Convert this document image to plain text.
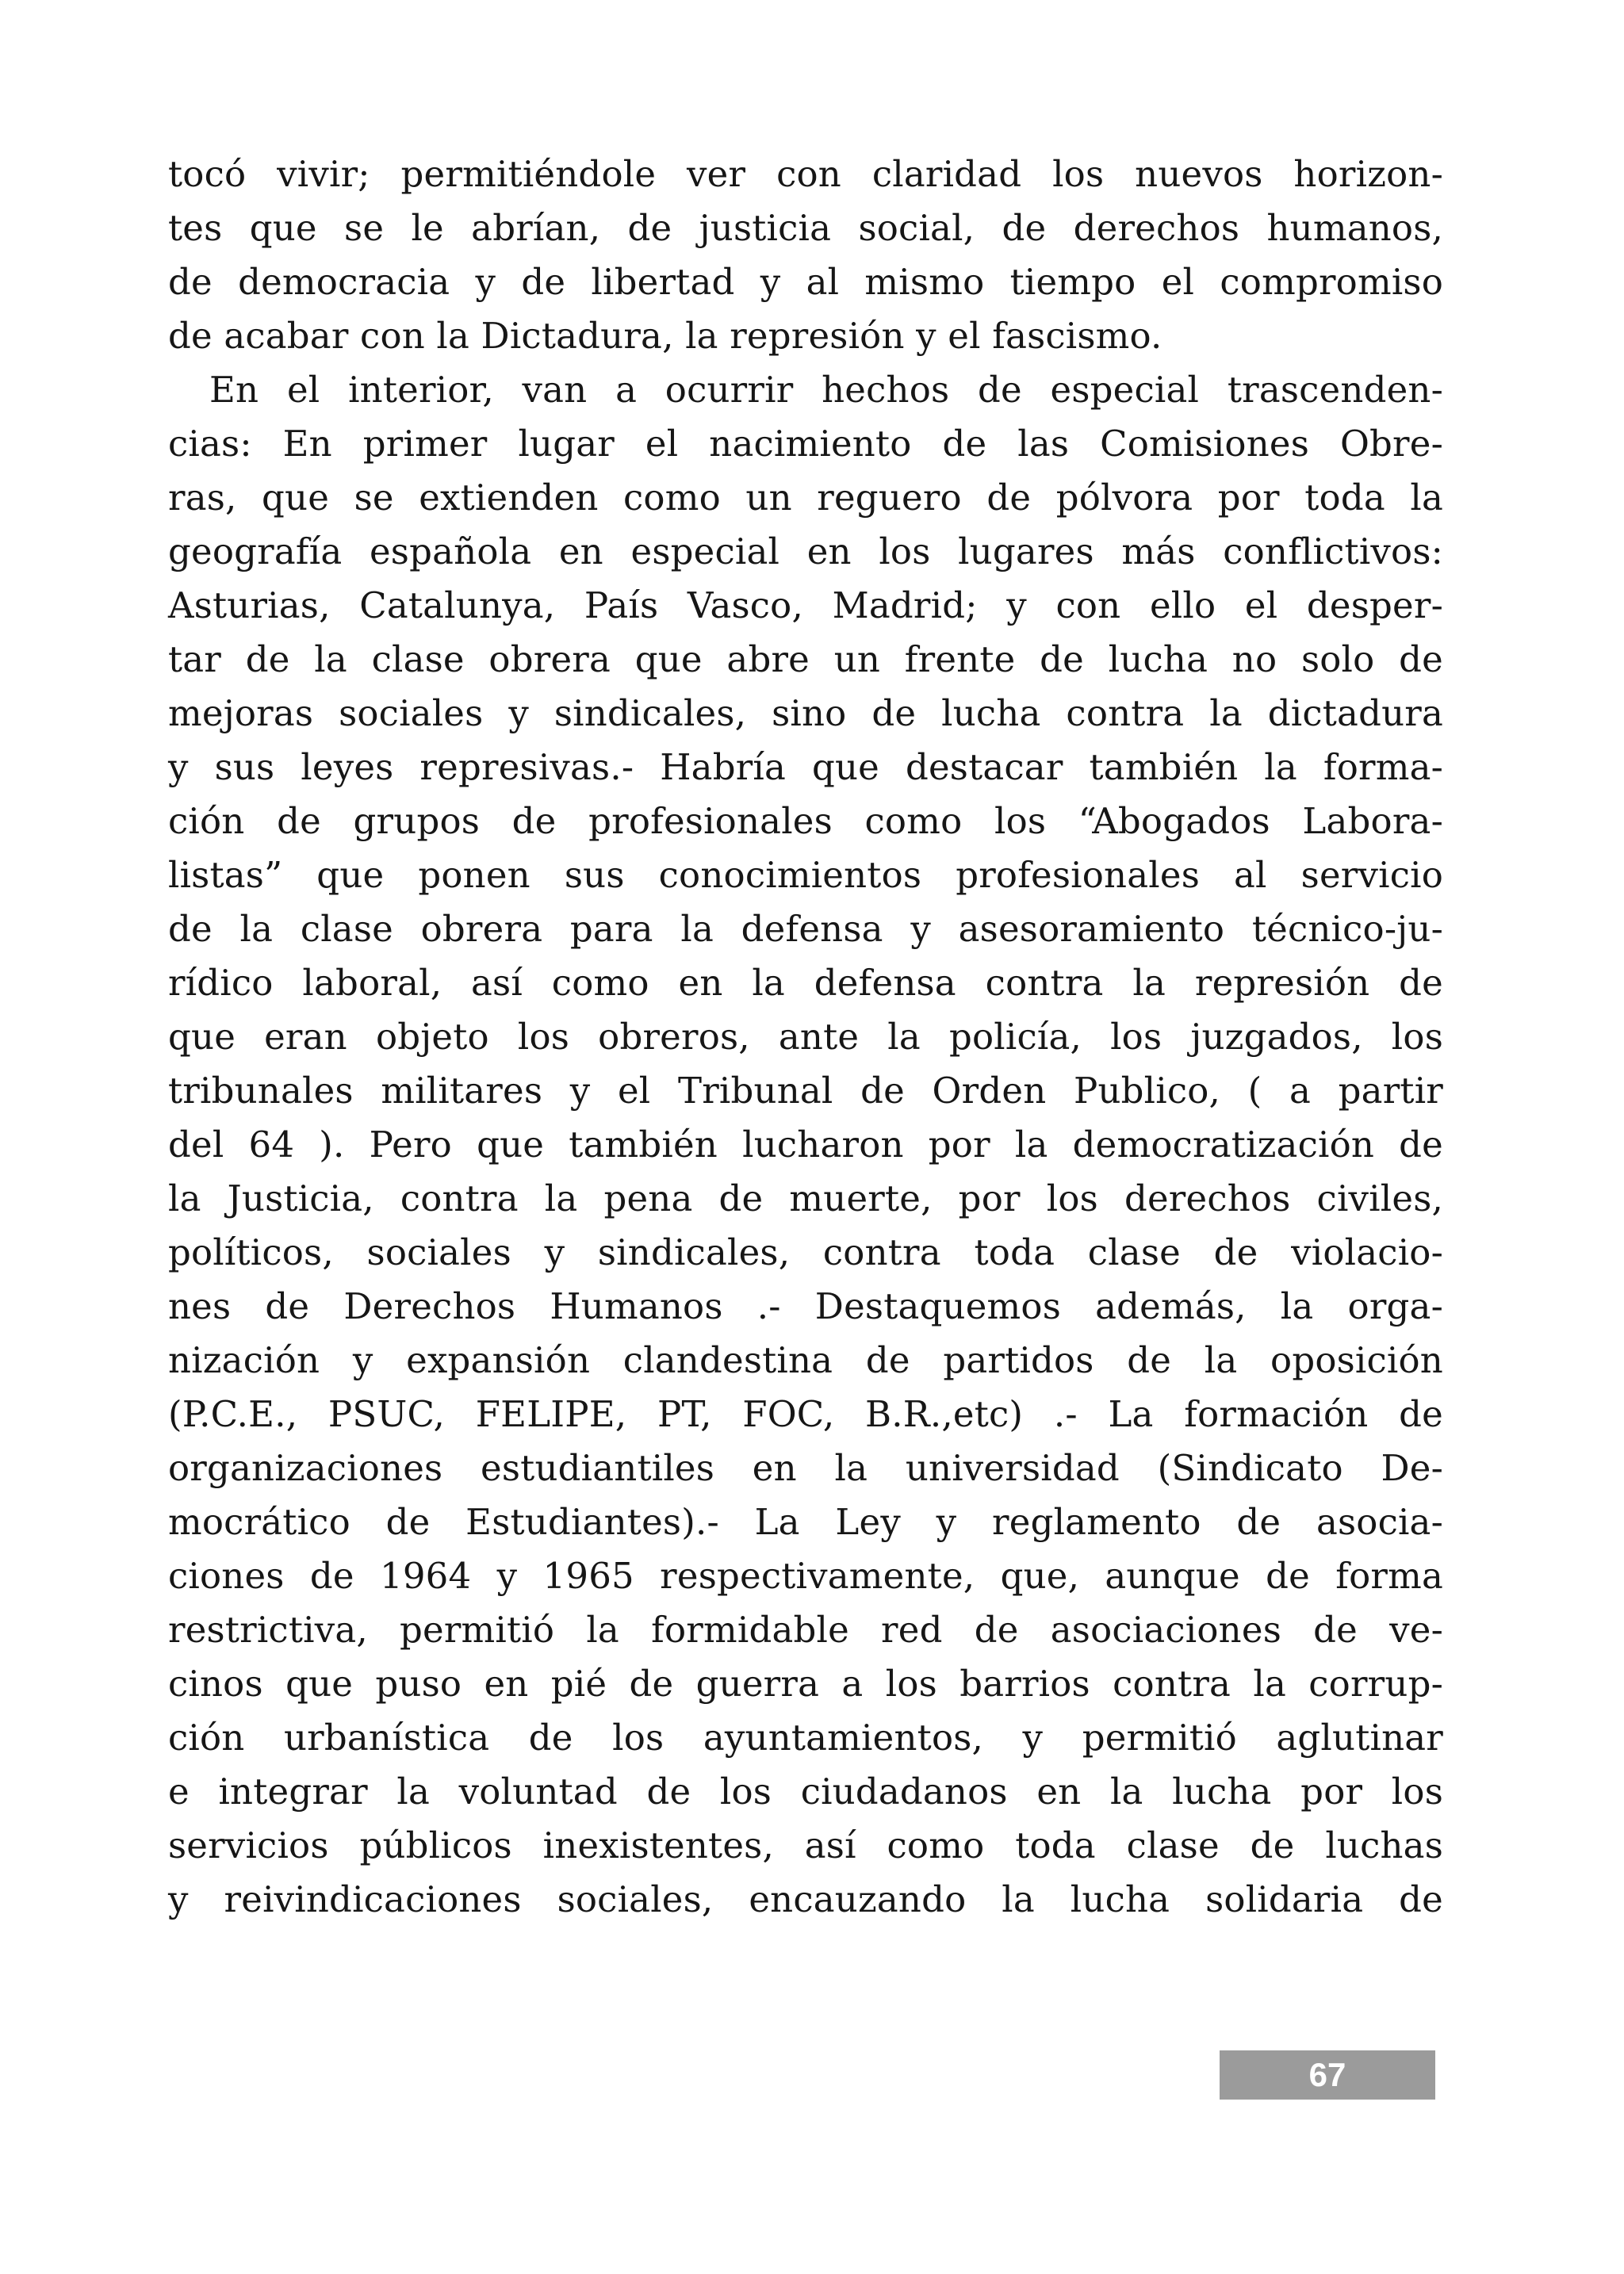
tocó vivir; permitiéndole ver con claridad los nuevos horizon-
tes que se le abrían, de justicia social, de derechos humanos,
de democracia y de libertad y al mismo tiempo el compromiso
de acabar con la Dictadura, la represión y el fascismo.
En el interior, van a ocurrir hechos de especial trascenden-
cias: En primer lugar el nacimiento de las Comisiones Obre-
ras, que se extienden como un reguero de pólvora por toda la
geografía española en especial en los lugares más conflictivos:
Asturias, Catalunya, País Vasco, Madrid; y con ello el desper-
tar de la clase obrera que abre un frente de lucha no solo de
mejoras sociales y sindicales, sino de lucha contra la dictadura
y sus leyes represivas.- Habría que destacar también la forma-
ción de grupos de profesionales como los “Abogados Labora-
listas” que ponen sus conocimientos profesionales al servicio
de la clase obrera para la defensa y asesoramiento técnico-ju-
rídico laboral, así como en la defensa contra la represión de
que eran objeto los obreros, ante la policía, los juzgados, los
tribunales militares y el Tribunal de Orden Publico, ( a partir
del 64 ). Pero que también lucharon por la democratización de
la Justicia, contra la pena de muerte, por los derechos civiles,
políticos, sociales y sindicales, contra toda clase de violacio-
nes de Derechos Humanos .- Destaquemos además, la orga-
nización y expansión clandestina de partidos de la oposición
(P.C.E., PSUC, FELIPE, PT, FOC, B.R.,etc) .- La formación de
organizaciones estudiantiles en la universidad (Sindicato De-
mocrático de Estudiantes).- La Ley y reglamento de asocia-
ciones de 1964 y 1965 respectivamente, que, aunque de forma
restrictiva, permitió la formidable red de asociaciones de ve-
cinos que puso en pié de guerra a los barrios contra la corrup-
ción urbanística de los ayuntamientos, y permitió aglutinar
e integrar la voluntad de los ciudadanos en la lucha por los
servicios públicos inexistentes, así como toda clase de luchas
y reivindicaciones sociales, encauzando la lucha solidaria de
67
